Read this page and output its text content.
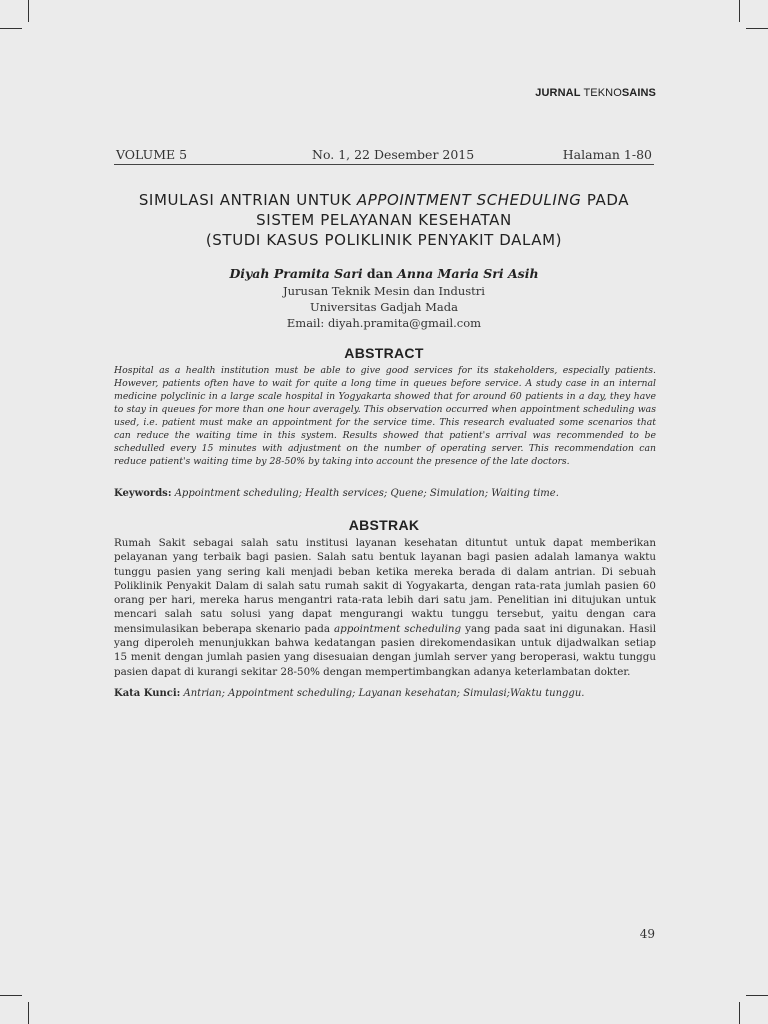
JURNAL TEKNOSAINS
VOLUME 5	No. 1, 22 Desember 2015	Halaman 1-80
SIMULASI ANTRIAN UNTUK APPOINTMENT SCHEDULING PADA
SISTEM PELAYANAN KESEHATAN
(STUDI KASUS POLIKLINIK PENYAKIT DALAM)
Diyah Pramita Sari dan Anna Maria Sri Asih
Jurusan Teknik Mesin dan Industri
Universitas Gadjah Mada
Email: diyah.pramita@gmail.com
ABSTRACT
Hospital as a health institution must be able to give good services for its stakeholders, especially patients. However, patients often have to wait for quite a long time in queues before service. A study case in an internal medicine polyclinic in a large scale hospital in Yogyakarta showed that for around 60 patients in a day, they have to stay in queues for more than one hour averagely. This observation occurred when appointment scheduling was used, i.e. patient must make an appointment for the service time. This research evaluated some scenarios that can reduce the waiting time in this system. Results showed that patient's arrival was recommended to be schedulled every 15 minutes with adjustment on the number of operating server. This recommendation can reduce patient's waiting time by 28-50% by taking into account the presence of the late doctors.
Keywords: Appointment scheduling; Health services; Quene; Simulation; Waiting time.
ABSTRAK
Rumah Sakit sebagai salah satu institusi layanan kesehatan dituntut untuk dapat memberikan pelayanan yang terbaik bagi pasien. Salah satu bentuk layanan bagi pasien adalah lamanya waktu tunggu pasien yang sering kali menjadi beban ketika mereka berada di dalam antrian. Di sebuah Poliklinik Penyakit Dalam di salah satu rumah sakit di Yogyakarta, dengan rata-rata jumlah pasien 60 orang per hari, mereka harus mengantri rata-rata lebih dari satu jam. Penelitian ini ditujukan untuk mencari salah satu solusi yang dapat mengurangi waktu tunggu tersebut, yaitu dengan cara mensimulasikan beberapa skenario pada appointment scheduling yang pada saat ini digunakan. Hasil yang diperoleh menunjukkan bahwa kedatangan pasien direkomendasikan untuk dijadwalkan setiap 15 menit dengan jumlah pasien yang disesuaian dengan jumlah server yang beroperasi, waktu tunggu pasien dapat di kurangi sekitar 28-50% dengan mempertimbangkan adanya keterlambatan dokter.
Kata Kunci: Antrian; Appointment scheduling; Layanan kesehatan; Simulasi;Waktu tunggu.
49
